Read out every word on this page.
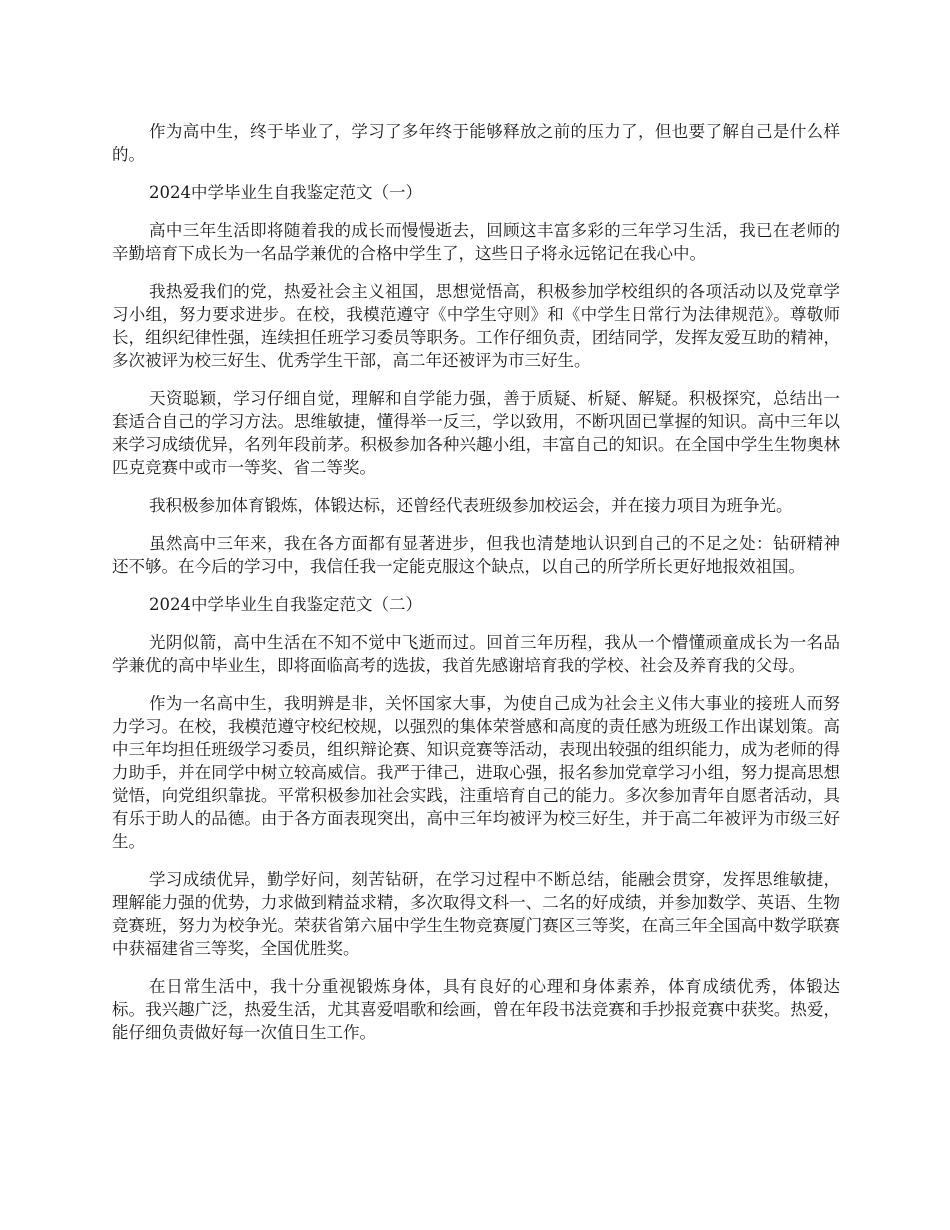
作为高中生，终于毕业了，学习了多年终于能够释放之前的压力了，但也要了解自己是什么样的。

2024中学毕业生自我鉴定范文（一）

高中三年生活即将随着我的成长而慢慢逝去，回顾这丰富多彩的三年学习生活，我已在老师的辛勤培育下成长为一名品学兼优的合格中学生了，这些日子将永远铭记在我心中。

我热爱我们的党，热爱社会主义祖国，思想觉悟高，积极参加学校组织的各项活动以及党章学习小组，努力要求进步。在校，我模范遵守《中学生守则》和《中学生日常行为法律规范》。尊敬师长，组织纪律性强，连续担任班学习委员等职务。工作仔细负责，团结同学，发挥友爱互助的精神，多次被评为校三好生、优秀学生干部，高二年还被评为市三好生。

天资聪颖，学习仔细自觉，理解和自学能力强，善于质疑、析疑、解疑。积极探究，总结出一套适合自己的学习方法。思维敏捷，懂得举一反三，学以致用，不断巩固已掌握的知识。高中三年以来学习成绩优异，名列年段前茅。积极参加各种兴趣小组，丰富自己的知识。在全国中学生生物奥林匹克竞赛中或市一等奖、省二等奖。

我积极参加体育锻炼，体锻达标，还曾经代表班级参加校运会，并在接力项目为班争光。

虽然高中三年来，我在各方面都有显著进步，但我也清楚地认识到自己的不足之处：钻研精神还不够。在今后的学习中，我信任我一定能克服这个缺点，以自己的所学所长更好地报效祖国。

2024中学毕业生自我鉴定范文（二）

光阴似箭，高中生活在不知不觉中飞逝而过。回首三年历程，我从一个懵懂顽童成长为一名品学兼优的高中毕业生，即将面临高考的选拔，我首先感谢培育我的学校、社会及养育我的父母。

作为一名高中生，我明辨是非，关怀国家大事，为使自己成为社会主义伟大事业的接班人而努力学习。在校，我模范遵守校纪校规，以强烈的集体荣誉感和高度的责任感为班级工作出谋划策。高中三年均担任班级学习委员，组织辩论赛、知识竞赛等活动，表现出较强的组织能力，成为老师的得力助手，并在同学中树立较高威信。我严于律己，进取心强，报名参加党章学习小组，努力提高思想觉悟，向党组织靠拢。平常积极参加社会实践，注重培育自己的能力。多次参加青年自愿者活动，具有乐于助人的品德。由于各方面表现突出，高中三年均被评为校三好生，并于高二年被评为市级三好生。

学习成绩优异，勤学好问，刻苦钻研，在学习过程中不断总结，能融会贯穿，发挥思维敏捷，理解能力强的优势，力求做到精益求精，多次取得文科一、二名的好成绩，并参加数学、英语、生物竞赛班，努力为校争光。荣获省第六届中学生生物竞赛厦门赛区三等奖，在高三年全国高中数学联赛中获福建省三等奖，全国优胜奖。

在日常生活中，我十分重视锻炼身体，具有良好的心理和身体素养，体育成绩优秀，体锻达标。我兴趣广泛，热爱生活，尤其喜爱唱歌和绘画，曾在年段书法竞赛和手抄报竞赛中获奖。热爱，能仔细负责做好每一次值日生工作。
